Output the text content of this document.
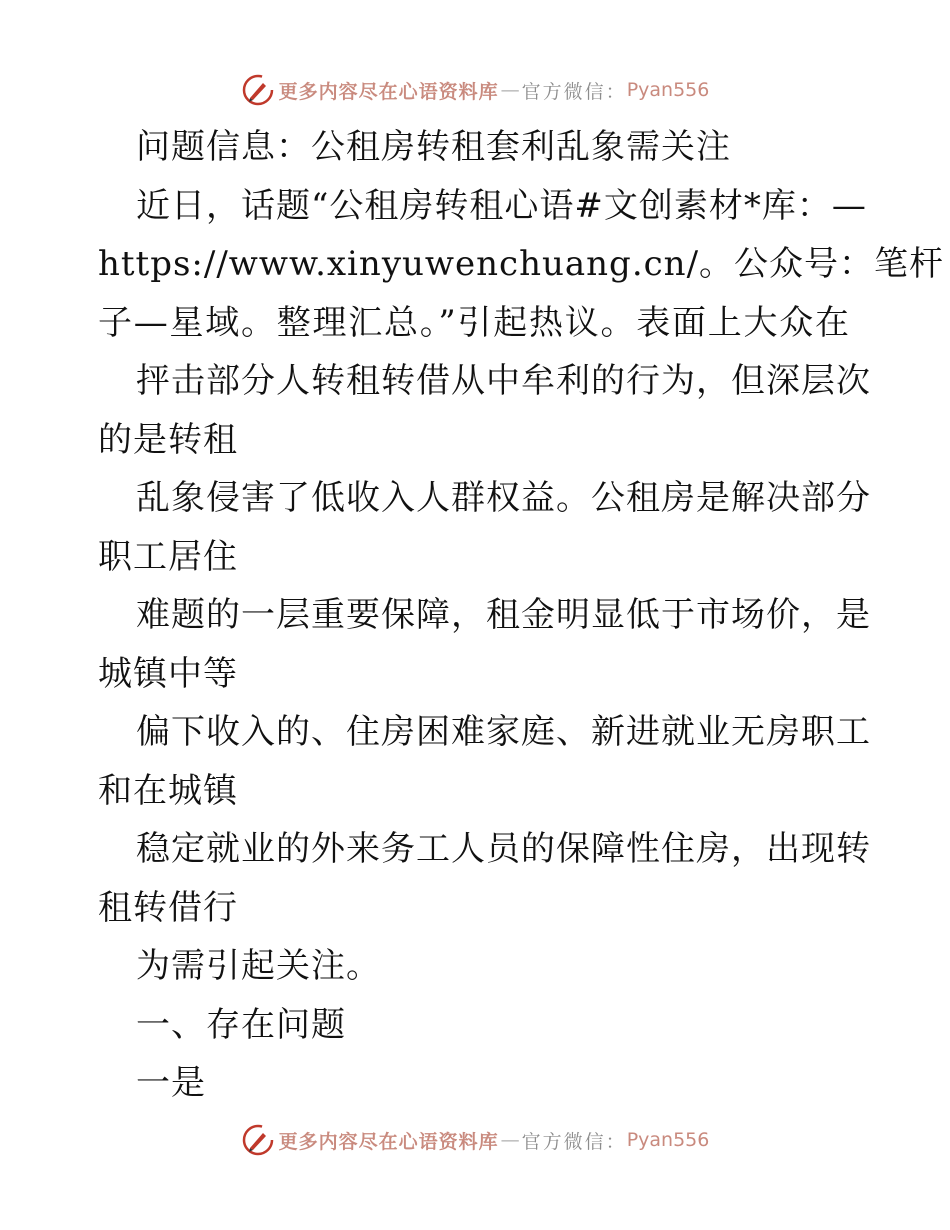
更多内容尽在心语资料库 — 官方微信： Pyan556
问题信息：公租房转租套利乱象需关注
近日，话题“公租房转租心语#文创素材*库：—
https://www.xinyuwenchuang.cn/。公众号：笔杆
子—星域。整理汇总。”引起热议。表面上大众在
抨击部分人转租转借从中牟利的行为，但深层次
的是转租
乱象侵害了低收入人群权益。公租房是解决部分
职工居住
难题的一层重要保障，租金明显低于市场价，是
城镇中等
偏下收入的、住房困难家庭、新进就业无房职工
和在城镇
稳定就业的外来务工人员的保障性住房，出现转
租转借行
为需引起关注。
一、存在问题
一是
更多内容尽在心语资料库 — 官方微信： Pyan556
